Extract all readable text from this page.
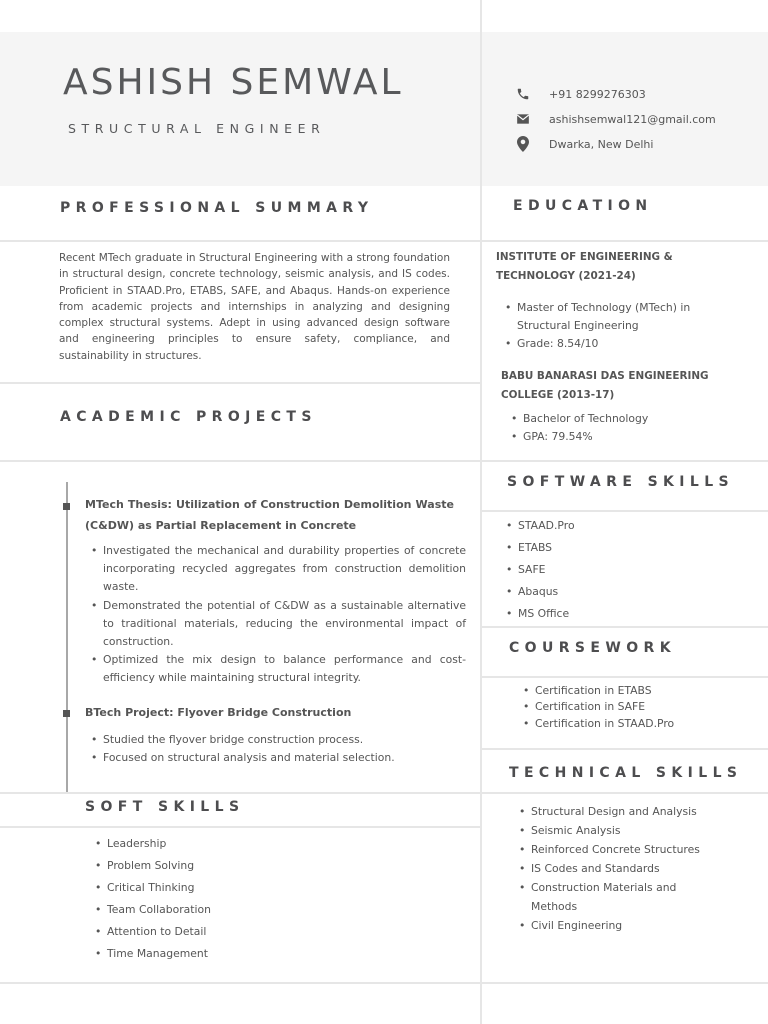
ASHISH SEMWAL
STRUCTURAL ENGINEER
+91 8299276303
ashishsemwal121@gmail.com
Dwarka, New Delhi
PROFESSIONAL SUMMARY
Recent MTech graduate in Structural Engineering with a strong foundation in structural design, concrete technology, seismic analysis, and IS codes. Proficient in STAAD.Pro, ETABS, SAFE, and Abaqus. Hands-on experience from academic projects and internships in analyzing and designing complex structural systems. Adept in using advanced design software and engineering principles to ensure safety, compliance, and sustainability in structures.
ACADEMIC PROJECTS
MTech Thesis: Utilization of Construction Demolition Waste (C&DW) as Partial Replacement in Concrete
• Investigated the mechanical and durability properties of concrete incorporating recycled aggregates from construction demolition waste.
• Demonstrated the potential of C&DW as a sustainable alternative to traditional materials, reducing the environmental impact of construction.
• Optimized the mix design to balance performance and cost-efficiency while maintaining structural integrity.
BTech Project: Flyover Bridge Construction
• Studied the flyover bridge construction process.
• Focused on structural analysis and material selection.
SOFT SKILLS
• Leadership
• Problem Solving
• Critical Thinking
• Team Collaboration
• Attention to Detail
• Time Management
EDUCATION
INSTITUTE OF ENGINEERING & TECHNOLOGY (2021-24)
• Master of Technology (MTech) in Structural Engineering
• Grade: 8.54/10
BABU BANARASI DAS ENGINEERING COLLEGE (2013-17)
• Bachelor of Technology
• GPA: 79.54%
SOFTWARE SKILLS
• STAAD.Pro
• ETABS
• SAFE
• Abaqus
• MS Office
COURSEWORK
• Certification in ETABS
• Certification in SAFE
• Certification in STAAD.Pro
TECHNICAL SKILLS
• Structural Design and Analysis
• Seismic Analysis
• Reinforced Concrete Structures
• IS Codes and Standards
• Construction Materials and Methods
• Civil Engineering
